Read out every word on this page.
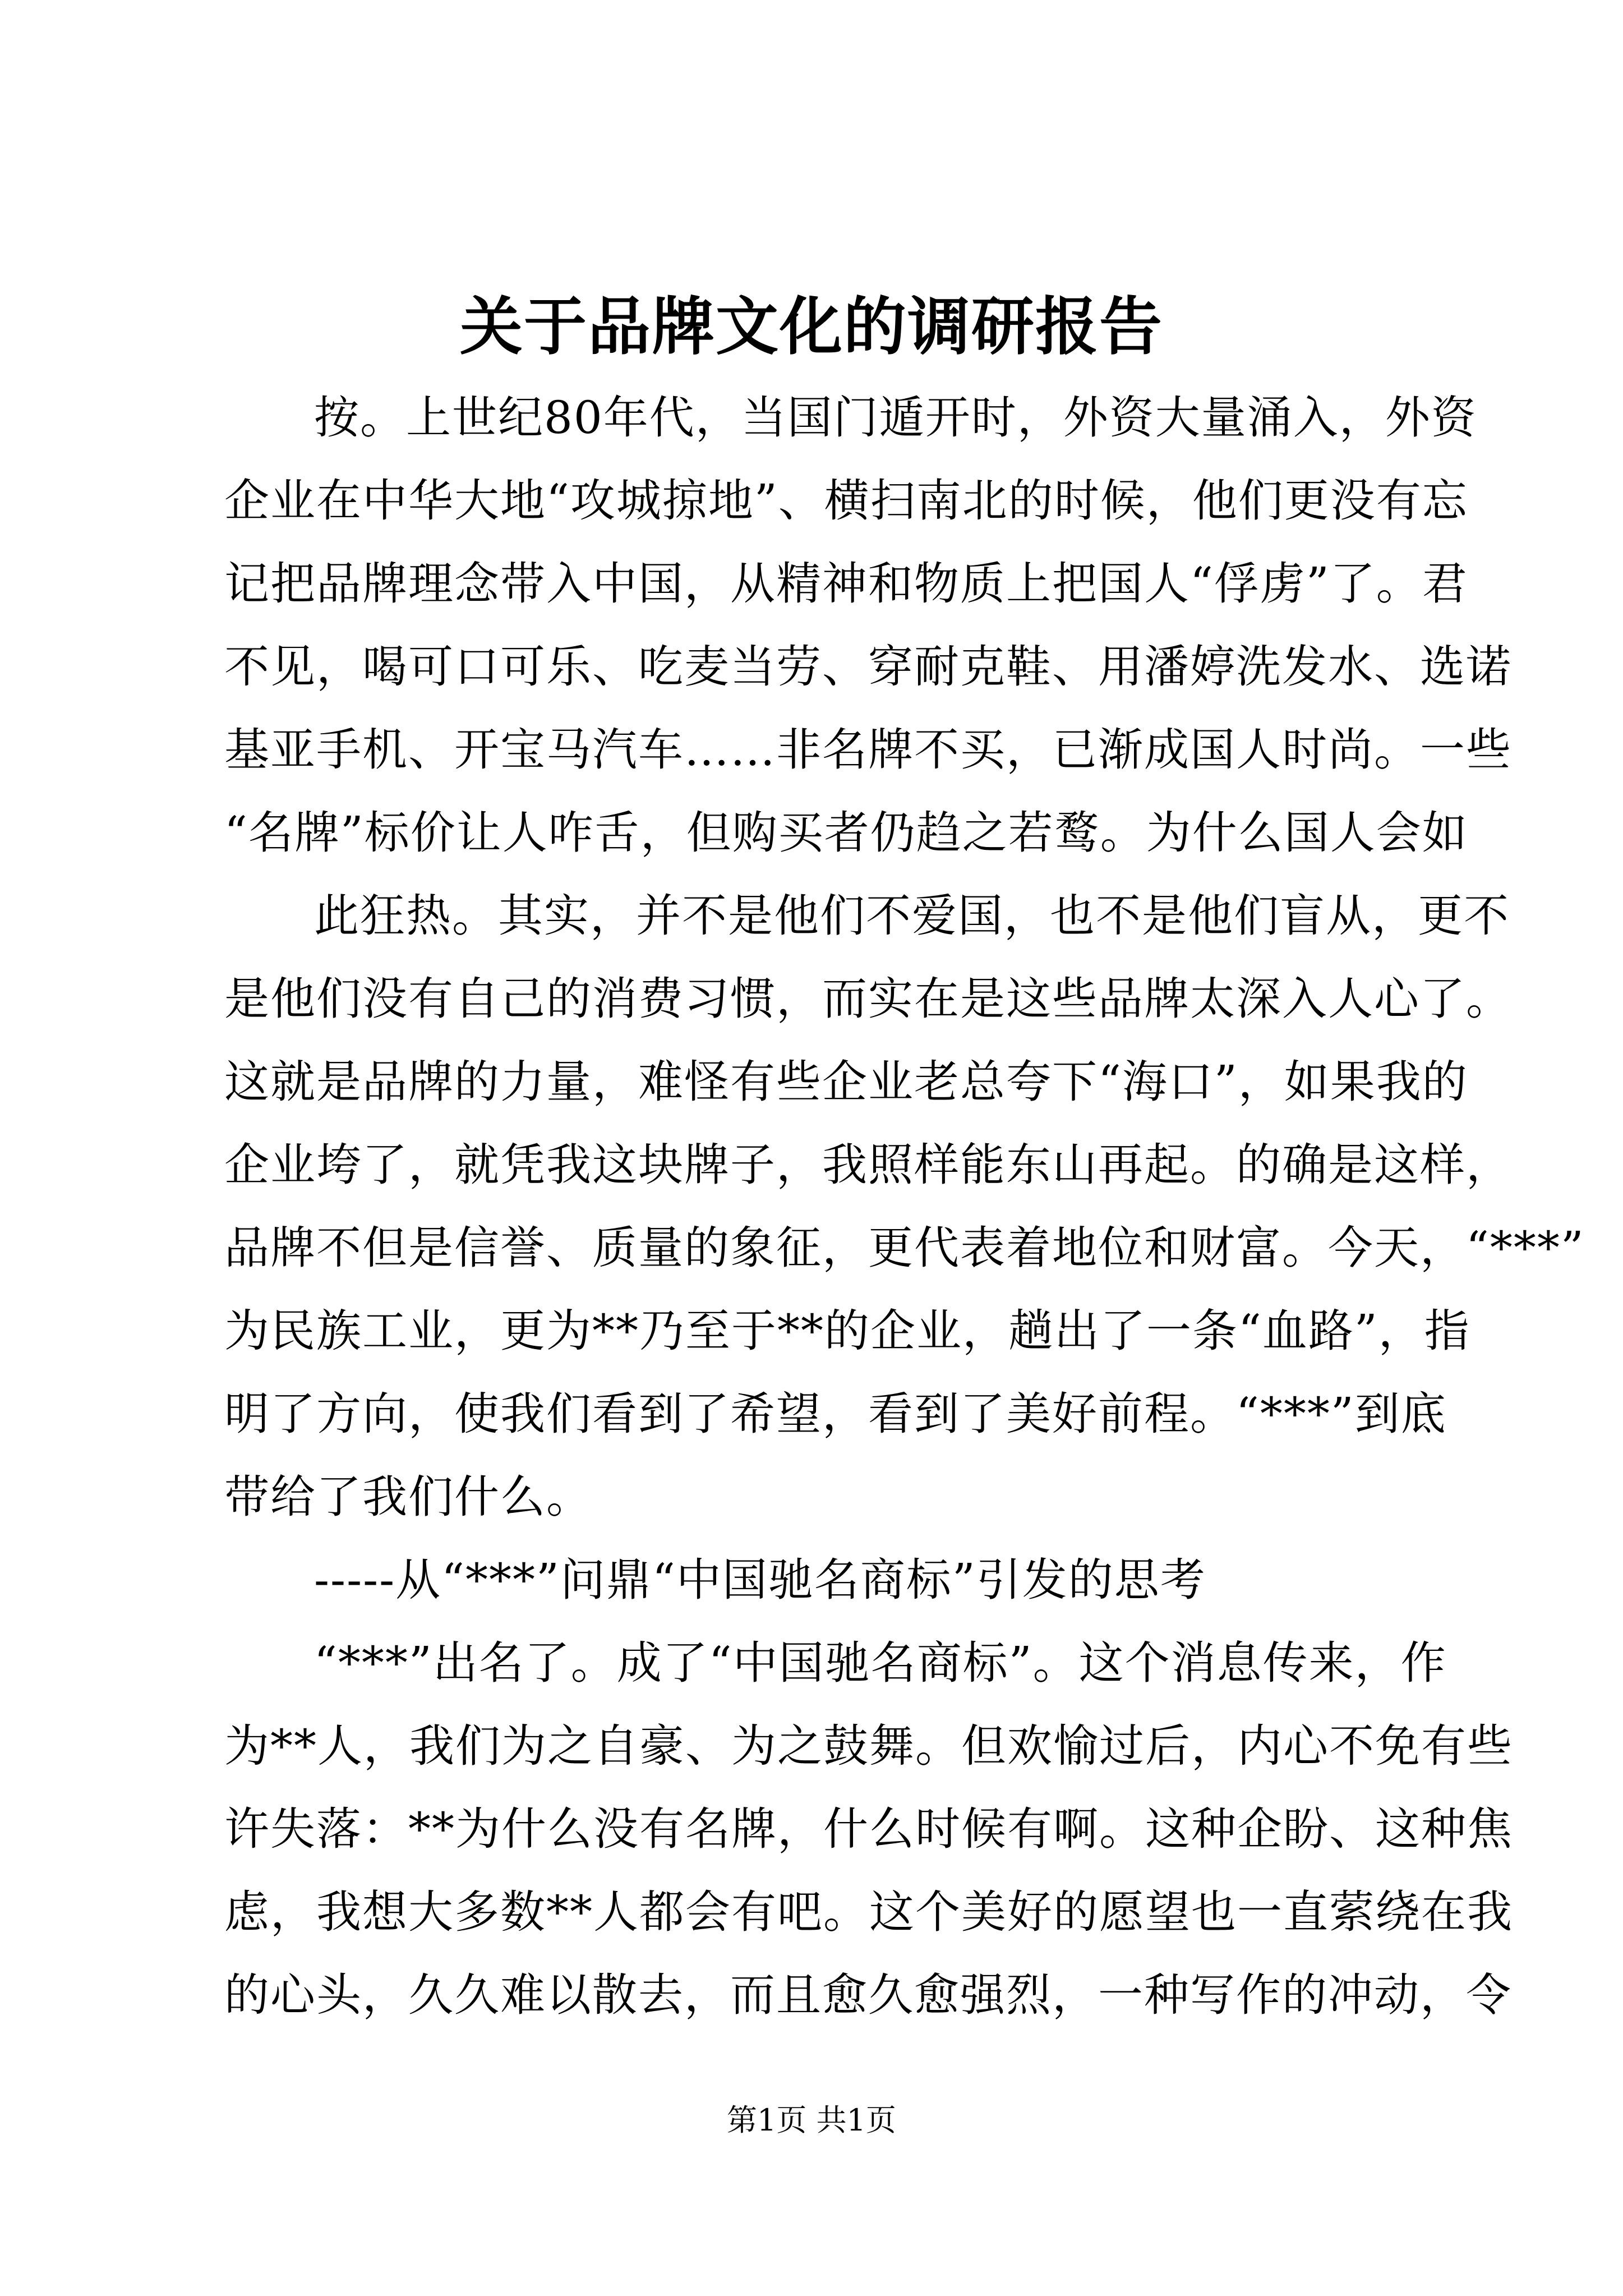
关于品牌文化的调研报告
按。上世纪80年代，当国门遁开时，外资大量涌入，外资
企业在中华大地“攻城掠地”、横扫南北的时候，他们更没有忘
记把品牌理念带入中国，从精神和物质上把国人“俘虏”了。君
不见，喝可口可乐、吃麦当劳、穿耐克鞋、用潘婷洗发水、选诺
基亚手机、开宝马汽车……非名牌不买，已渐成国人时尚。一些
“名牌”标价让人咋舌，但购买者仍趋之若鹜。为什么国人会如
此狂热。其实，并不是他们不爱国，也不是他们盲从，更不
是他们没有自己的消费习惯，而实在是这些品牌太深入人心了。
这就是品牌的力量，难怪有些企业老总夸下“海口”，如果我的
企业垮了，就凭我这块牌子，我照样能东山再起。的确是这样，
品牌不但是信誉、质量的象征，更代表着地位和财富。今天，“***”
为民族工业，更为**乃至于**的企业，趟出了一条“血路”，指
明了方向，使我们看到了希望，看到了美好前程。“***”到底
带给了我们什么。
-----从“***”问鼎“中国驰名商标”引发的思考
“***”出名了。成了“中国驰名商标”。这个消息传来，作
为**人，我们为之自豪、为之鼓舞。但欢愉过后，内心不免有些
许失落：**为什么没有名牌，什么时候有啊。这种企盼、这种焦
虑，我想大多数**人都会有吧。这个美好的愿望也一直萦绕在我
的心头，久久难以散去，而且愈久愈强烈，一种写作的冲动，令
第1页 共1页
